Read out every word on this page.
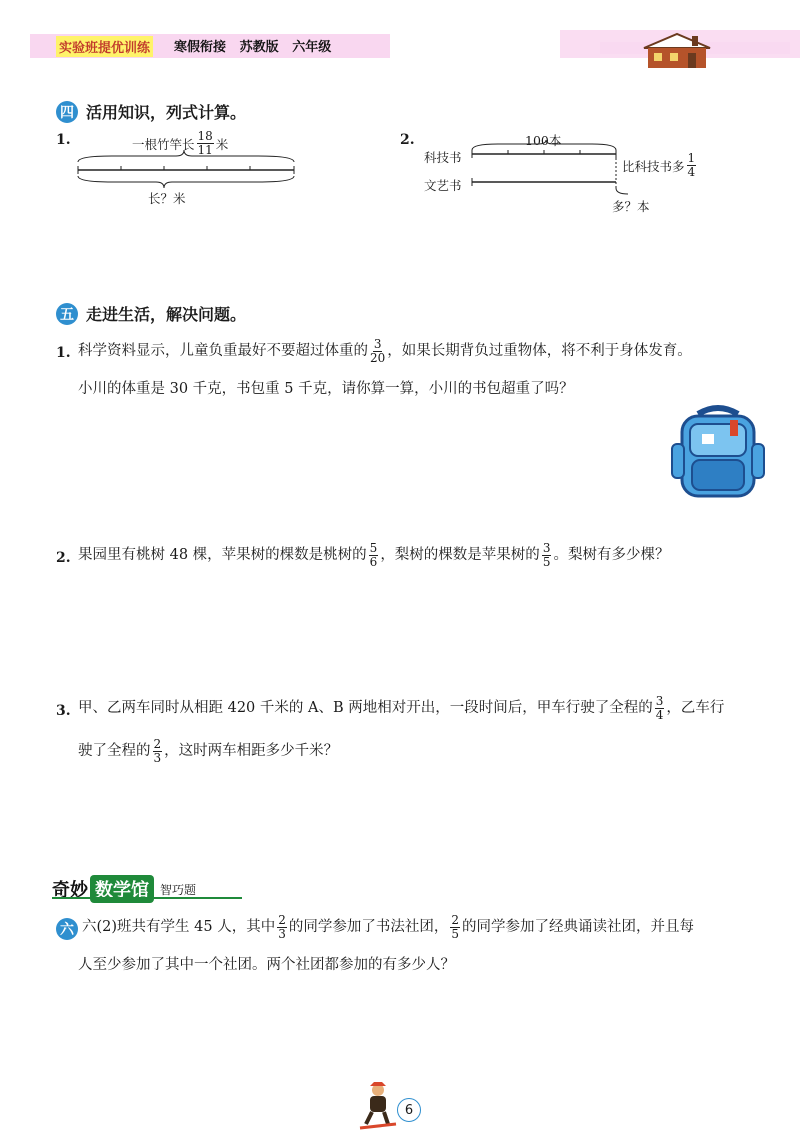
实验班提优训练 寒假衔接 苏教版 六年级
四 活用知识，列式计算。
1.	一根竹竿长 $\frac{18}{11}$ 米
长？米
2.	100本
科技书
文艺书
比科技书多 $\frac{1}{4}$
多？本
五 走进生活，解决问题。
1. 科学资料显示，儿童负重最好不要超过体重的 $\frac{3}{20}$ ，如果长期背负过重物体，将不利于身体发育。
小川的体重是 30 千克，书包重 5 千克，请你算一算，小川的书包超重了吗？
2. 果园里有桃树 48 棵，苹果树的棵数是桃树的 $\frac{5}{6}$ ，梨树的棵数是苹果树的 $\frac{3}{5}$ 。梨树有多少棵？
3. 甲、乙两车同时从相距 420 千米的 A、B 两地相对开出，一段时间后，甲车行驶了全程的 $\frac{3}{4}$ ，乙车行
驶了全程的 $\frac{2}{3}$ ，这时两车相距多少千米？
奇妙 数学馆 智巧题
六 六(2)班共有学生 45 人，其中 $\frac{2}{3}$ 的同学参加了书法社团， $\frac{2}{5}$ 的同学参加了经典诵读社团，并且每
人至少参加了其中一个社团。两个社团都参加的有多少人？
6
